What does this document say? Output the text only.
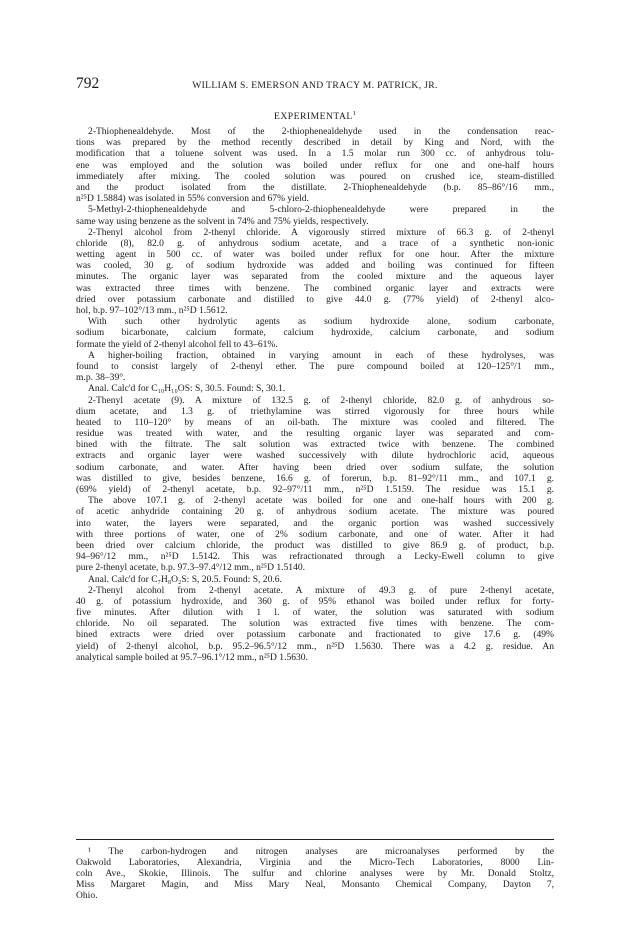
792	WILLIAM S. EMERSON AND TRACY M. PATRICK, JR.
EXPERIMENTAL$^1$
2-Thiophenealdehyde. Most of the 2-thiophenealdehyde used in the condensation reac-
tions was prepared by the method recently described in detail by King and Nord, with the
modification that a toluene solvent was used. In a 1.5 molar run 300 cc. of anhydrous tolu-
ene was employed and the solution was boiled under reflux for one and one-half hours
immediately after mixing. The cooled solution was poured on crushed ice, steam-distilled
and the product isolated from the distillate. 2-Thiophenealdehyde (b.p. 85–86°/16 mm.,
n²⁵D 1.5884) was isolated in 55% conversion and 67% yield.
5-Methyl-2-thiophenealdehyde and 5-chloro-2-thiophenealdehyde were prepared in the
same way using benzene as the solvent in 74% and 75% yields, respectively.
2-Thenyl alcohol from 2-thenyl chloride. A vigorously stirred mixture of 66.3 g. of 2-thenyl
chloride (8), 82.0 g. of anhydrous sodium acetate, and a trace of a synthetic non-ionic
wetting agent in 500 cc. of water was boiled under reflux for one hour. After the mixture
was cooled, 30 g. of sodium hydroxide was added and boiling was continued for fifteen
minutes. The organic layer was separated from the cooled mixture and the aqueous layer
was extracted three times with benzene. The combined organic layer and extracts were
dried over potassium carbonate and distilled to give 44.0 g. (77% yield) of 2-thenyl alco-
hol, b.p. 97–102°/13 mm., n²⁵D 1.5612.
With such other hydrolytic agents as sodium hydroxide alone, sodium carbonate,
sodium bicarbonate, calcium formate, calcium hydroxide, calcium carbonate, and sodium
formate the yield of 2-thenyl alcohol fell to 43–61%.
A higher-boiling fraction, obtained in varying amount in each of these hydrolyses, was
found to consist largely of 2-thenyl ether. The pure compound boiled at 120–125°/1 mm.,
m.p. 38–39°.
Anal. Calc'd for C₁₀H₁₀OS: S, 30.5. Found: S, 30.1.
2-Thenyl acetate (9). A mixture of 132.5 g. of 2-thenyl chloride, 82.0 g. of anhydrous so-
dium acetate, and 1.3 g. of triethylamine was stirred vigorously for three hours while
heated to 110–120° by means of an oil-bath. The mixture was cooled and filtered. The
residue was treated with water, and the resulting organic layer was separated and com-
bined with the filtrate. The salt solution was extracted twice with benzene. The combined
extracts and organic layer were washed successively with dilute hydrochloric acid, aqueous
sodium carbonate, and water. After having been dried over sodium sulfate, the solution
was distilled to give, besides benzene, 16.6 g. of forerun, b.p. 81–92°/11 mm., and 107.1 g.
(69% yield) of 2-thenyl acetate, b.p. 92–97°/11 mm., n²⁵D 1.5159. The residue was 15.1 g.
The above 107.1 g. of 2-thenyl acetate was boiled for one and one-half hours with 200 g.
of acetic anhydride containing 20 g. of anhydrous sodium acetate. The mixture was poured
into water, the layers were separated, and the organic portion was washed successively
with three portions of water, one of 2% sodium carbonate, and one of water. After it had
been dried over calcium chloride, the product was distilled to give 86.9 g. of product, b.p.
94–96°/12 mm., n²⁵D 1.5142. This was refractionated through a Lecky-Ewell column to give
pure 2-thenyl acetate, b.p. 97.3–97.4°/12 mm., n²⁵D 1.5140.
Anal. Calc'd for C₇H₈O₂S: S, 20.5. Found: S, 20.6.
2-Thenyl alcohol from 2-thenyl acetate. A mixture of 49.3 g. of pure 2-thenyl acetate,
40 g. of potassium hydroxide, and 360 g. of 95% ethanol was boiled under reflux for forty-
five minutes. After dilution with 1 l. of water, the solution was saturated with sodium
chloride. No oil separated. The solution was extracted five times with benzene. The com-
bined extracts were dried over potassium carbonate and fractionated to give 17.6 g. (49%
yield) of 2-thenyl alcohol, b.p. 95.2–96.5°/12 mm., n²⁵D 1.5630. There was a 4.2 g. residue. An
analytical sample boiled at 95.7–96.1°/12 mm., n²⁵D 1.5630.
¹ The carbon-hydrogen and nitrogen analyses are microanalyses performed by the
Oakwold Laboratories, Alexandria, Virginia and the Micro-Tech Laboratories, 8000 Lin-
coln Ave., Skokie, Illinois. The sulfur and chlorine analyses were by Mr. Donald Stoltz,
Miss Margaret Magin, and Miss Mary Neal, Monsanto Chemical Company, Dayton 7,
Ohio.
